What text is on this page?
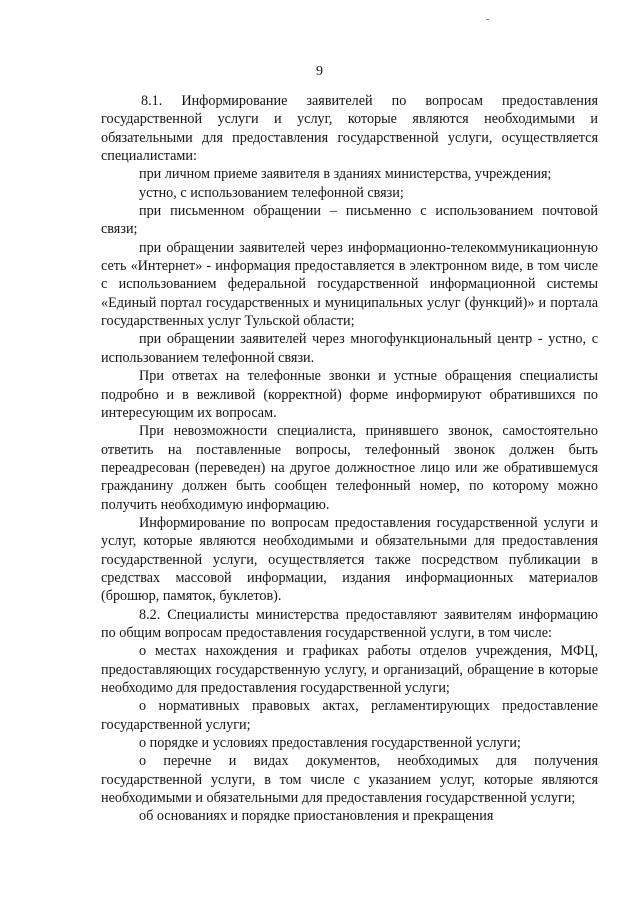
-
9

8.1. Информирование заявителей по вопросам предоставления государственной услуги и услуг, которые являются необходимыми и обязательными для предоставления государственной услуги, осуществляется специалистами:

при личном приеме заявителя в зданиях министерства, учреждения;

устно, с использованием телефонной связи;

при письменном обращении – письменно с использованием почтовой связи;

при обращении заявителей через информационно-телекоммуникационную сеть «Интернет» - информация предоставляется в электронном виде, в том числе с использованием федеральной государственной информационной системы «Единый портал государственных и муниципальных услуг (функций)» и портала государственных услуг Тульской области;

при обращении заявителей через многофункциональный центр - устно, с использованием телефонной связи.

При ответах на телефонные звонки и устные обращения специалисты подробно и в вежливой (корректной) форме информируют обратившихся по интересующим их вопросам.

При невозможности специалиста, принявшего звонок, самостоятельно ответить на поставленные вопросы, телефонный звонок должен быть переадресован (переведен) на другое должностное лицо или же обратившемуся гражданину должен быть сообщен телефонный номер, по которому можно получить необходимую информацию.

Информирование по вопросам предоставления государственной услуги и услуг, которые являются необходимыми и обязательными для предоставления государственной услуги, осуществляется также посредством публикации в средствах массовой информации, издания информационных материалов (брошюр, памяток, буклетов).

8.2. Специалисты министерства предоставляют заявителям информацию по общим вопросам предоставления государственной услуги, в том числе:

о местах нахождения и графиках работы отделов учреждения, МФЦ, предоставляющих государственную услугу, и организаций, обращение в которые необходимо для предоставления государственной услуги;

о нормативных правовых актах, регламентирующих предоставление государственной услуги;

о порядке и условиях предоставления государственной услуги;

о перечне и видах документов, необходимых для получения государственной услуги, в том числе с указанием услуг, которые являются необходимыми и обязательными для предоставления государственной услуги;

об основаниях и порядке приостановления и прекращения
